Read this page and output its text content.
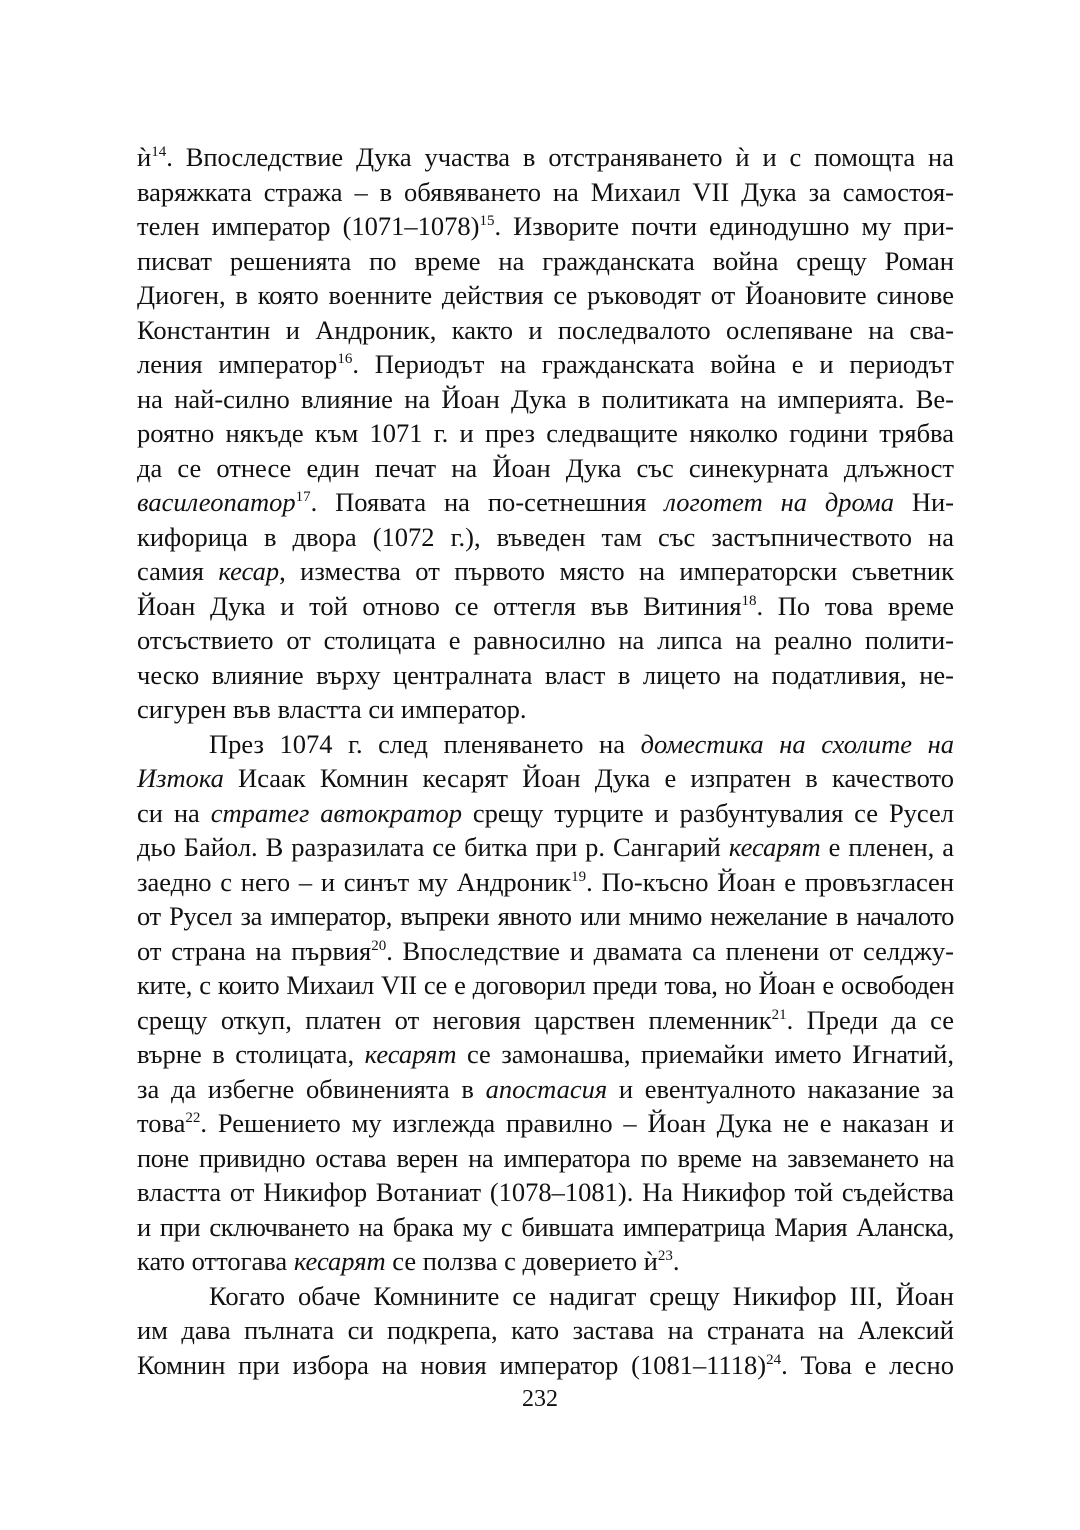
$ѝ^{14}$. Впоследствие Дука участва в отстраняването ѝ и с помощта на
варяжката стража – в обявяването на Михаил VII Дука за самостоя-
телен император (1071–1078)$^{15}$. Изворите почти единодушно му при-
писват решенията по време на гражданската война срещу Роман
Диоген, в която военните действия се ръководят от Йоановите синове
Константин и Андроник, както и последвалото ослепяване на сва-
ления император$^{16}$. Периодът на гражданската война е и периодът
на най-силно влияние на Йоан Дука в политиката на империята. Ве-
роятно някъде към 1071 г. и през следващите няколко години трябва
да се отнесе един печат на Йоан Дука със синекурната длъжност
василеопатор$^{17}$. Появата на по-сетнешния логотет на дрома Ни-
кифорица в двора (1072 г.), въведен там със застъпничеството на
самия кесар, измества от първото място на императорски съветник
Йоан Дука и той отново се оттегля във Витиния$^{18}$. По това време
отсъствието от столицата е равносилно на липса на реално полити-
ческо влияние върху централната власт в лицето на податливия, не-
сигурен във властта си император.
През 1074 г. след пленяването на доместика на схолите на
Изтока Исаак Комнин кесарят Йоан Дука е изпратен в качеството
си на стратег автократор срещу турците и разбунтувалия се Русел
дьо Байол. В разразилата се битка при р. Сангарий кесарят е пленен, а
заедно с него – и синът му Андроник$^{19}$. По-късно Йоан е провъзгласен
от Русел за император, въпреки явното или мнимо нежелание в началото
от страна на първия$^{20}$. Впоследствие и двамата са пленени от селджу-
ките, с които Михаил VII се е договорил преди това, но Йоан е освободен
срещу откуп, платен от неговия царствен племенник$^{21}$. Преди да се
върне в столицата, кесарят се замонашва, приемайки името Игнатий,
за да избегне обвиненията в апостасия и евентуалното наказание за
това$^{22}$. Решението му изглежда правилно – Йоан Дука не е наказан и
поне привидно остава верен на императора по време на завземането на
властта от Никифор Вотаниат (1078–1081). На Никифор той съдейства
и при сключването на брака му с бившата императрица Мария Аланска,
като оттогава кесарят се ползва с доверието $ѝ^{23}$.
Когато обаче Комнините се надигат срещу Никифор III, Йоан
им дава пълната си подкрепа, като застава на страната на Алексий
Комнин при избора на новия император (1081–1118)$^{24}$. Това е лесно
232
